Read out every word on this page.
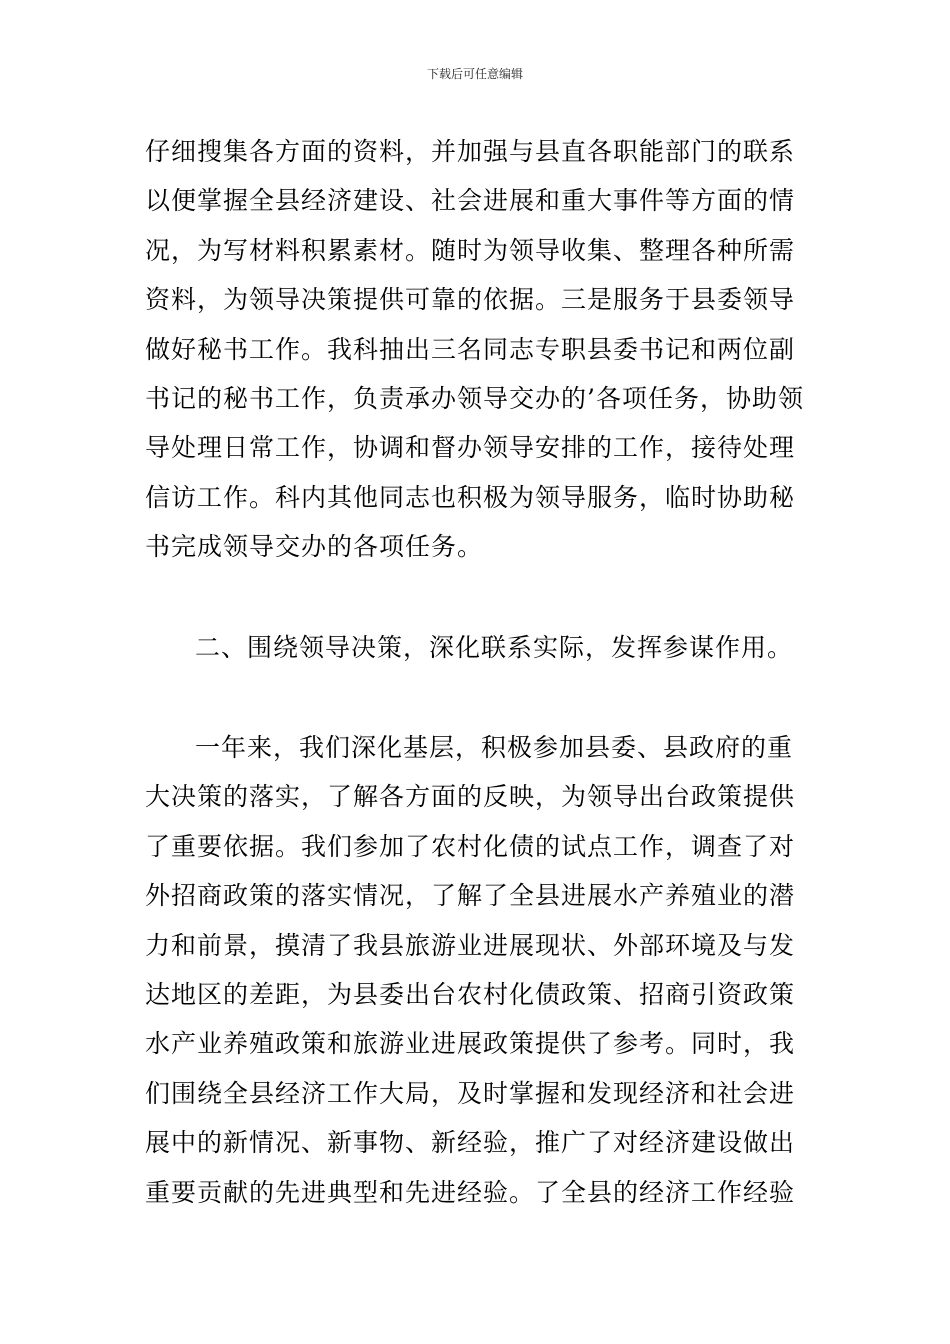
下载后可任意编辑

仔细搜集各方面的资料，并加强与县直各职能部门的联系以便掌握全县经济建设、社会进展和重大事件等方面的情况，为写材料积累素材。随时为领导收集、整理各种所需资料，为领导决策提供可靠的依据。三是服务于县委领导做好秘书工作。我科抽出三名同志专职县委书记和两位副书记的秘书工作，负责承办领导交办的’各项任务，协助领导处理日常工作，协调和督办领导安排的工作，接待处理信访工作。科内其他同志也积极为领导服务，临时协助秘书完成领导交办的各项任务。

二、围绕领导决策，深化联系实际，发挥参谋作用。

一年来，我们深化基层，积极参加县委、县政府的重大决策的落实，了解各方面的反映，为领导出台政策提供了重要依据。我们参加了农村化债的试点工作，调查了对外招商政策的落实情况，了解了全县进展水产养殖业的潜力和前景，摸清了我县旅游业进展现状、外部环境及与发达地区的差距，为县委出台农村化债政策、招商引资政策水产业养殖政策和旅游业进展政策提供了参考。同时，我们围绕全县经济工作大局，及时掌握和发现经济和社会进展中的新情况、新事物、新经验，推广了对经济建设做出重要贡献的先进典型和先进经验。了全县的经济工作经验
